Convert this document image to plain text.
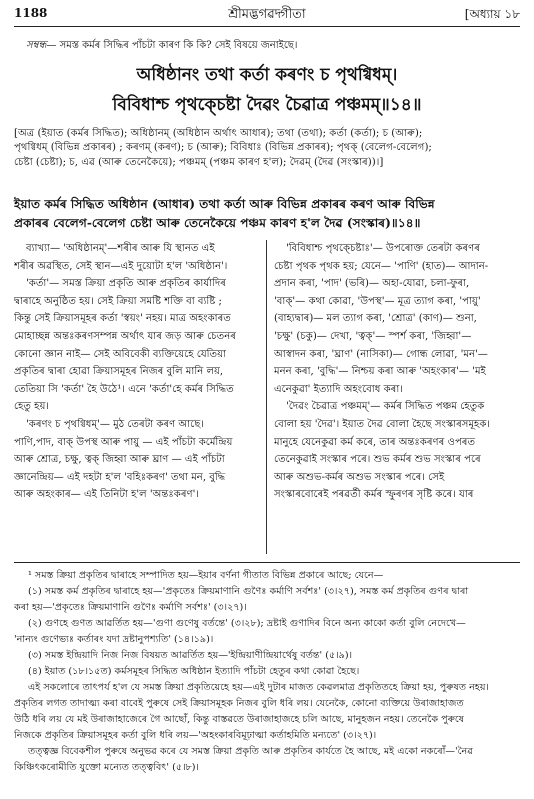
1188	শ্ৰীমদ্ভগৱদ্গীতা	[অধ্যায় ১৮
সম্বন্ধ— সমস্ত কৰ্মৰ সিদ্ধিৰ পাঁচটা কাৰণ কি কি? সেই বিষয়ে জনাইছে।
অধিষ্ঠানং তথা কৰ্তা কৰণং চ পৃথগ্বিধম্।
বিবিধাশ্চ পৃথক্চেষ্টা দৈৱং চৈৱাত্ৰ পঞ্চমম্॥১৪॥
[অত্ৰ (ইয়াত (কৰ্মৰ সিদ্ধিত); অধিষ্ঠানম্ (অধিষ্ঠান অৰ্থাৎ আধাৰ); তথা (তথা); কৰ্তা (কৰ্তা); চ (আৰু);
পৃথগ্বিধম্ (বিভিন্ন প্ৰকাৰৰ) ; কৰণম্ (কৰণ); চ (আৰু); বিবিধাঃ (বিভিন্ন প্ৰকাৰৰ); পৃথক্ (বেলেগ-বেলেগ);
চেষ্টা (চেষ্টা); চ, এৱ (আৰু তেনেকৈয়ে); পঞ্চমম্ (পঞ্চম কাৰণ হ'ল); দৈৱম্ (দৈৱ (সংস্কাৰ))।]
ইয়াত কৰ্মৰ সিদ্ধিত অধিষ্ঠান (আধাৰ) তথা কৰ্তা আৰু বিভিন্ন প্ৰকাৰৰ কৰণ আৰু বিভিন্ন
প্ৰকাৰৰ বেলেগ-বেলেগ চেষ্টা আৰু তেনেকৈয়ে পঞ্চম কাৰণ হ'ল দৈৱ (সংস্কাৰ)॥১৪॥
ব্যাখ্যা— 'অধিষ্ঠানম্'—শৰীৰ আৰু যি স্থানত এই
শৰীৰ অৱস্থিত, সেই স্থান—এই দুয়োটা হ'ল 'অধিষ্ঠান'।
'কৰ্তা'— সমস্ত ক্ৰিয়া প্ৰকৃতি আৰু প্ৰকৃতিৰ কাৰ্যাদিৰ
দ্বাৰাহে অনুষ্ঠিত হয়। সেই ক্ৰিয়া সমষ্টি শক্তি বা ব্যষ্টি ;
কিন্তু সেই ক্ৰিয়াসমূহৰ কৰ্তা 'স্বয়ং' নহয়। মাত্ৰ অহংকাৰত
মোহাচ্ছন্ন অন্তঃকৰণসম্পন্ন অৰ্থাৎ যাৰ জড় আৰু চেতনৰ
কোনো জ্ঞান নাই— সেই অবিবেকী ব্যক্তিয়েহে যেতিয়া
প্ৰকৃতিৰ দ্বাৰা হোৱা ক্ৰিয়াসমূহৰ নিজৰ বুলি মানি লয়,
তেতিয়া সি 'কৰ্তা' হৈ উঠে¹। এনে 'কৰ্তা'হে কৰ্মৰ সিদ্ধিত
হেতু হয়।
'কৰণং চ পৃথগ্বিধম্'— মুঠ তেৰটা কৰণ আছে।
পাণি,পাদ, বাক্ উপস্থ আৰু পায়ু — এই পাঁচটা কৰ্মেন্দ্ৰিয়
আৰু শ্ৰোত্ৰ, চক্ষু, ত্বক্ জিহ্বা আৰু ঘ্ৰাণ — এই পাঁচটা
জ্ঞানেন্দ্ৰিয়— এই দহটা হ'ল 'বহিঃকৰণ' তথা মন, বুদ্ধি
আৰু অহংকাৰ— এই তিনিটা হ'ল 'অন্তঃকৰণ'।
'বিবিধাশ্চ পৃথক্চেষ্টাঃ'— উপৰোক্ত তেৰটা কৰণৰ
চেষ্টা পৃথক পৃথক হয়; যেনে— 'পাণি' (হাত)— আদান-
প্ৰদান কৰা, 'পাদ' (ভৰি)— অহা-যোৱা, চলা-ফুৰা,
'বাক্'— কথা কোৱা, 'উপস্থ'— মূত্ৰ ত্যাগ কৰা, 'পায়ু'
(বাহ্যদ্বাৰ)— মল ত্যাগ কৰা, 'শ্ৰোত্ৰ' (কাণ)— শুনা,
'চক্ষু' (চকু)— দেখা, 'ত্বক্'— স্পৰ্শ কৰা, 'জিহ্বা'—
আস্বাদন কৰা, 'ঘ্ৰাণ' (নাসিকা)— গোন্ধ লোৱা, 'মন'—
মনন কৰা, 'বুদ্ধি'— নিশ্চয় কৰা আৰু 'অহংকাৰ'— 'মই
এনেকুৱা' ইত্যাদি অহংবোধ কৰা।
'দৈৱং চৈৱাত্ৰ পঞ্চমম্'— কৰ্মৰ সিদ্ধিত পঞ্চম হেতুক
বোলা হয় 'দৈৱ'। ইয়াত দৈৱ বোলা হৈছে সংস্কাৰসমূহক।
মানুহে যেনেকুৱা কৰ্ম কৰে, তাৰ অন্তঃকৰণৰ ওপৰত
তেনেকুৱাই সংস্কাৰ পৰে। শুভ কৰ্মৰ শুভ সংস্কাৰ পৰে
আৰু অশুভ-কৰ্মৰ অশুভ সংস্কাৰ পৰে। সেই
সংস্কাৰবোৰেই পৰৱৰ্তী কৰ্মৰ স্ফুৰণৰ সৃষ্টি কৰে। যাৰ
¹ সমস্ত ক্ৰিয়া প্ৰকৃতিৰ দ্বাৰাহে সম্পাদিত হয়—ইয়াৰ বৰ্ণনা গীতাত বিভিন্ন প্ৰকাৰে আছে; যেনে—
(১) সমস্ত কৰ্ম প্ৰকৃতিৰ দ্বাৰাহে হয়—'প্ৰকৃতেঃ ক্ৰিয়মাণানি গুণৈঃ কৰ্মাণি সৰ্বশঃ' (৩।২৭), সমস্ত কৰ্ম প্ৰকৃতিৰ গুণৰ দ্বাৰা
কৰা হয়—'প্ৰকৃতেঃ ক্ৰিয়মাণানি গুণৈঃ কৰ্মাণি সৰ্বশঃ' (৩।২৭)।
(২) গুণহে গুণত আৱৰ্তিত হয়—'গুণা গুণেষু বৰ্তন্তে' (৩।২৮); দ্ৰষ্টাই গুণাদিৰ বিনে অন্য কাকো কৰ্তা বুলি নেদেখে—
'নান্যং গুণেভ্যঃ কৰ্তাৰং যদা দ্ৰষ্টানুপশ্যতি' (১৪।১৯)।
(৩) সমস্ত ইন্দ্ৰিয়াদি নিজ নিজ বিষয়ত আৱৰ্তিত হয়—'ইন্দ্ৰিয়াণীন্দ্ৰিয়াৰ্থেষু বৰ্তন্ত' (৫।৯)।
(৪) ইয়াত (১৮।১৫ত) কৰ্মসমূহৰ সিদ্ধিত অধিষ্ঠান ইত্যাদি পাঁচটা হেতুৰ কথা কোৱা হৈছে।
এই সকলোৰে তাৎপৰ্য হ'ল যে সমস্ত ক্ৰিয়া প্ৰকৃতিয়েহে হয়—এই দুটাৰ মাজত কেৱলমাত্ৰ প্ৰকৃতিতহে ক্ৰিয়া হয়, পুৰুষত নহয়।
প্ৰকৃতিৰ লগত তাদাত্ম্য কৰা বাবেই পুৰুষে সেই ক্ৰিয়াসমূহক নিজৰ বুলি ধৰি লয়। যেনেকৈ, কোনো ব্যক্তিয়ে উৰাজাহাজত
উঠি ধৰি লয় যে মই উৰাজাহাজেৰে গৈ আছোঁ, কিন্তু বাস্তৱতে উৰাজাহাজহে চলি আছে, মানুহজন নহয়। তেনেকৈ পুৰুষে
নিজকে প্ৰকৃতিৰ ক্ৰিয়াসমূহৰ কৰ্তা বুলি ধৰি লয়—'অহংকাৰবিমূঢ়াত্মা কৰ্তাহমিতি মন্যতে' (৩।২৭)।
তত্ত্বজ্ঞ বিবেকশীল পুৰুষে অনুভৱ কৰে যে সমস্ত ক্ৰিয়া প্ৰকৃতি আৰু প্ৰকৃতিৰ কাৰ্যতে হৈ আছে, মই একো নকৰোঁ—'নৈৱ
কিঞ্চিৎকৰোমীতি যুক্তো মন্যেত তত্ত্ববিৎ' (৫।৮)।
